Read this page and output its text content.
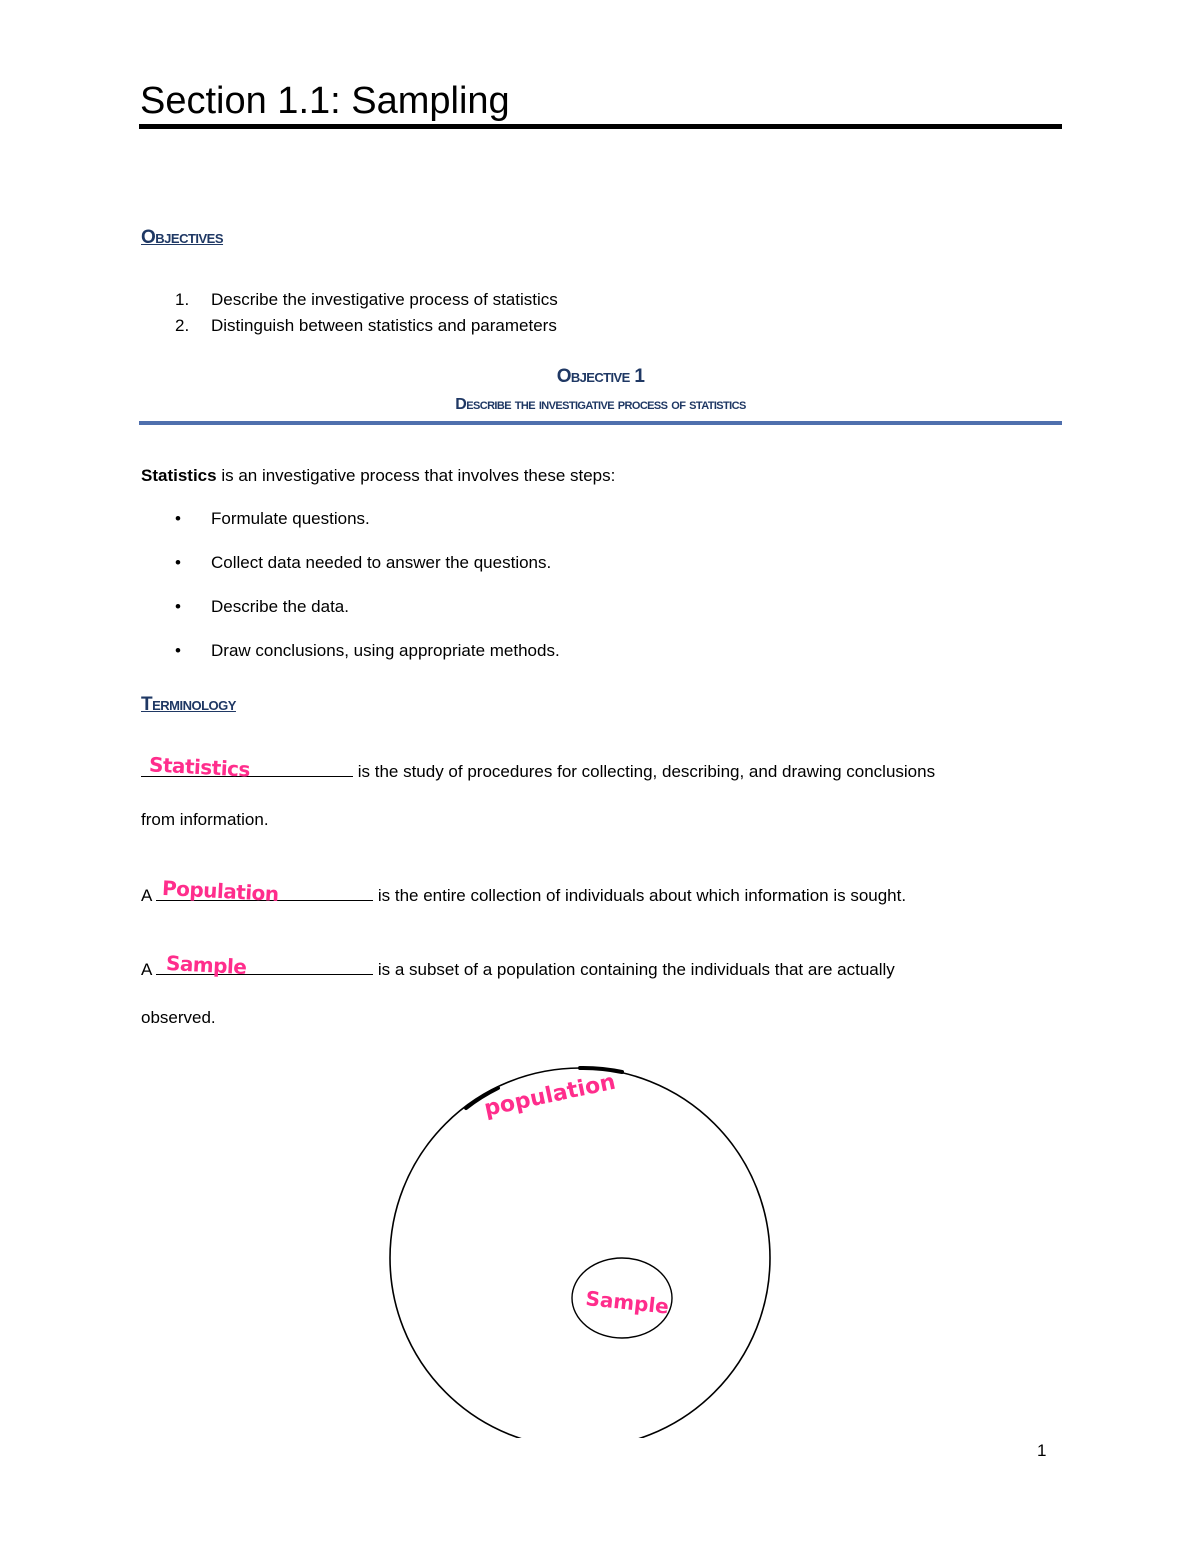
Section 1.1: Sampling
Objectives
1. Describe the investigative process of statistics
2. Distinguish between statistics and parameters
Objective 1
Describe the investigative process of statistics
Statistics is an investigative process that involves these steps:
• Formulate questions.
• Collect data needed to answer the questions.
• Describe the data.
• Draw conclusions, using appropriate methods.
Terminology
Statistics	is the study of procedures for collecting, describing, and drawing conclusions
from information.
A Population	is the entire collection of individuals about which information is sought.
A Sample	is a subset of a population containing the individuals that are actually
observed.
population
Sample
1
